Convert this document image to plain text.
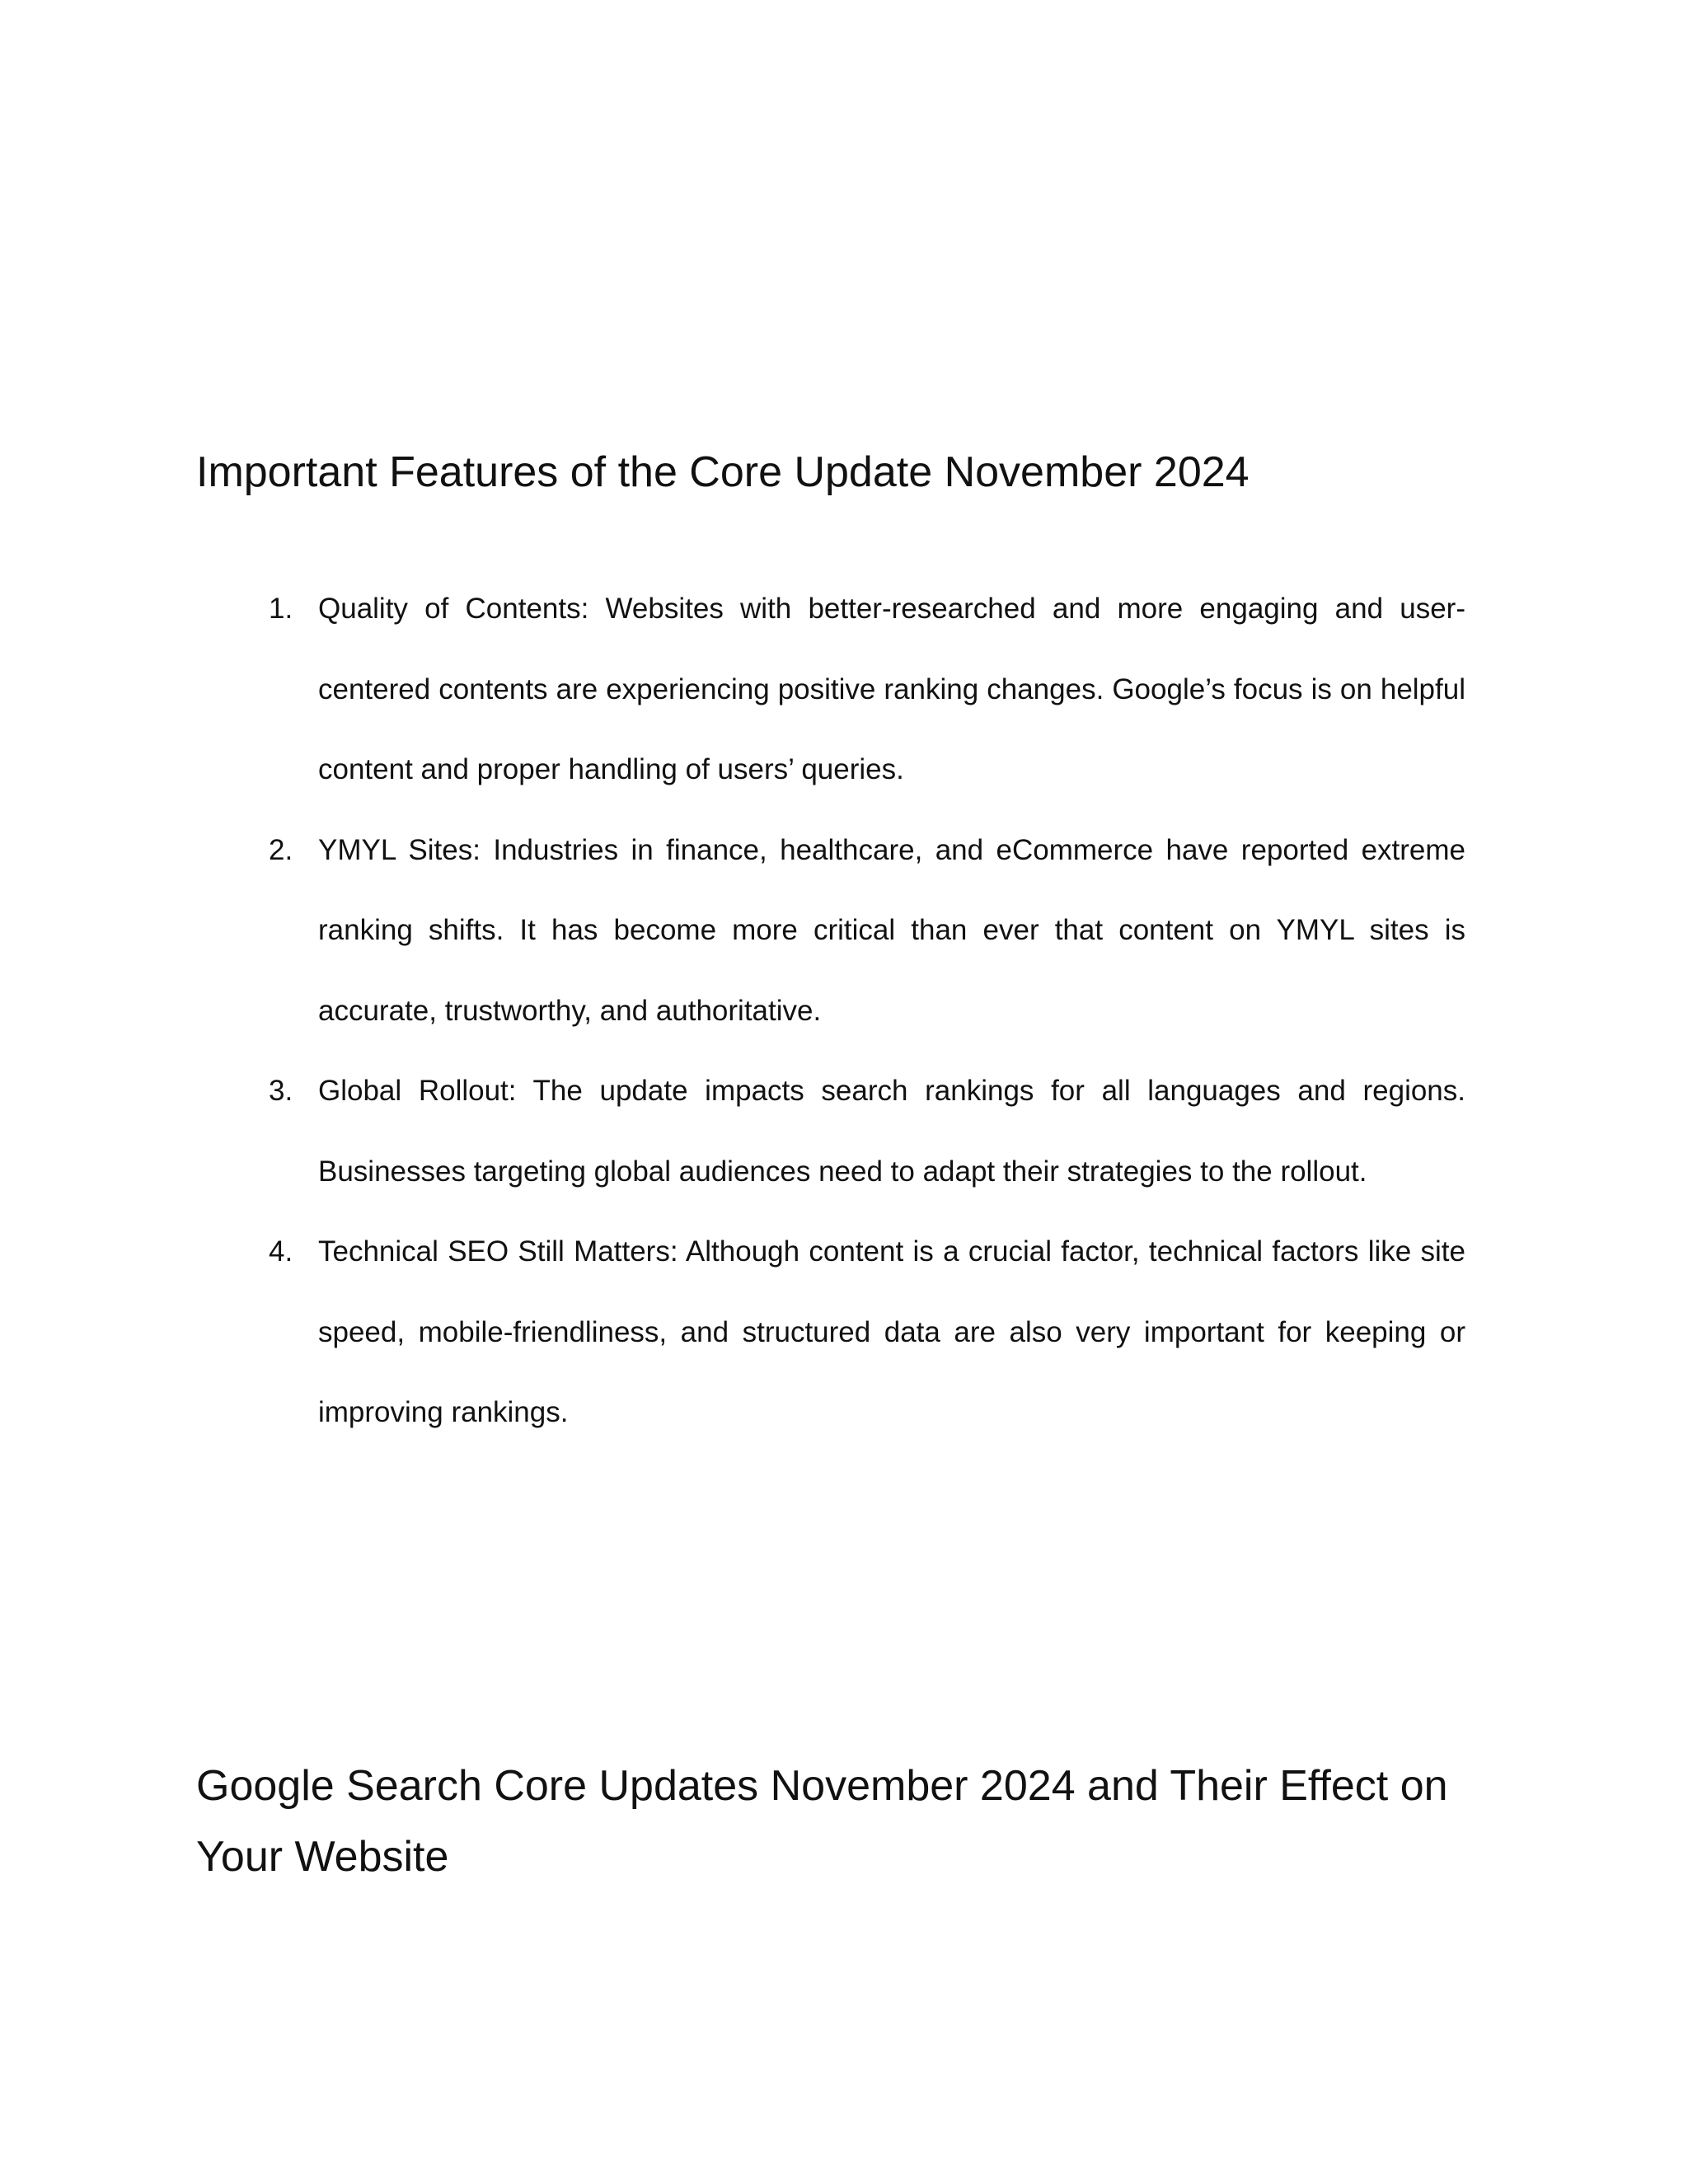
Important Features of the Core Update November 2024
1. Quality of Contents: Websites with better-researched and more engaging and user-centered contents are experiencing positive ranking changes. Google’s focus is on helpful content and proper handling of users’ queries.
2. YMYL Sites: Industries in finance, healthcare, and eCommerce have reported extreme ranking shifts. It has become more critical than ever that content on YMYL sites is accurate, trustworthy, and authoritative.
3. Global Rollout: The update impacts search rankings for all languages and regions. Businesses targeting global audiences need to adapt their strategies to the rollout.
4. Technical SEO Still Matters: Although content is a crucial factor, technical factors like site speed, mobile-friendliness, and structured data are also very important for keeping or improving rankings.
Google Search Core Updates November 2024 and Their Effect on Your Website
